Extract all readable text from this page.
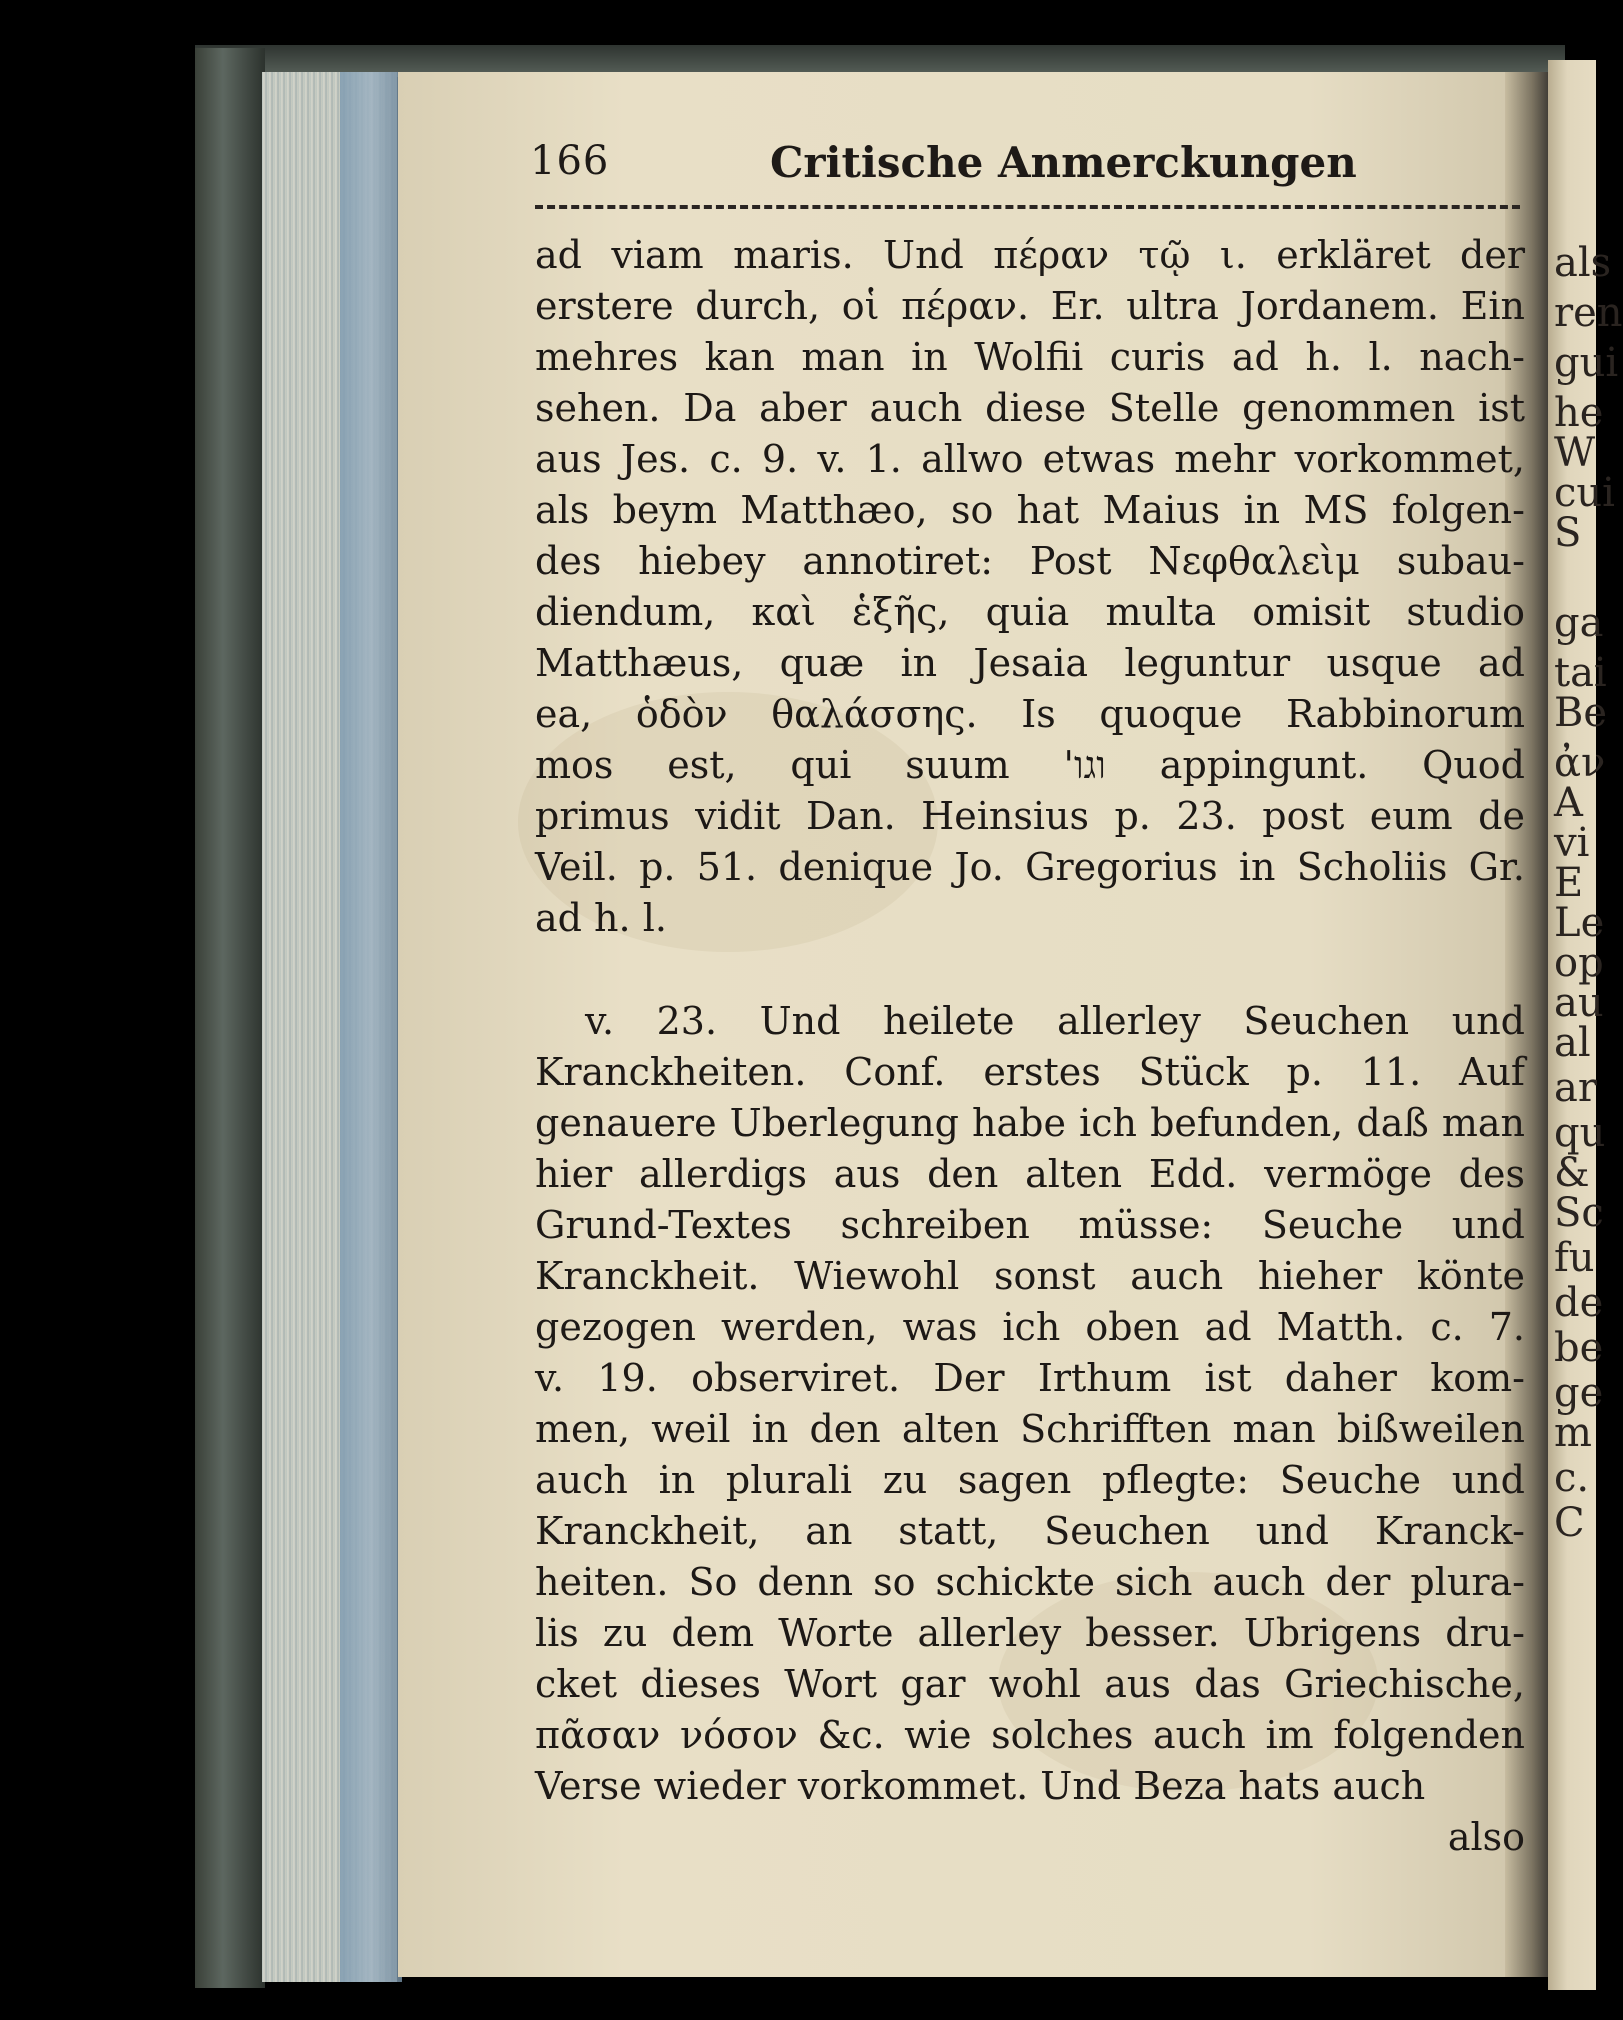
als
ren
gui
he
W
cui
S
ga
tai
Be
ἀν
A
vi
E
Le
op
au
al
ar
qu
&
Sc
fu
de
be
ge
m
c.
C
166	Critische Anmerckungen
ad viam maris. Und πέραν τῷ ι. erkläret der
erstere durch, οἱ πέραν. Er. ultra Jordanem. Ein
mehres kan man in Wolfii curis ad h. l. nach-
sehen. Da aber auch diese Stelle genommen ist
aus Jes. c. 9. v. 1. allwo etwas mehr vorkommet,
als beym Matthæo, so hat Maius in MS folgen-
des hiebey annotiret: Post Νεφθαλεὶμ subau-
diendum, καὶ ἑξῆς, quia multa omisit studio
Matthæus, quæ in Jesaia leguntur usque ad
ea, ὁδὸν θαλάσσης. Is quoque Rabbinorum
mos est, qui suum 'וגו appingunt. Quod
primus vidit Dan. Heinsius p. 23. post eum de
Veil. p. 51. denique Jo. Gregorius in Scholiis Gr.
ad h. l.
v. 23. Und heilete allerley Seuchen und
Kranckheiten. Conf. erstes Stück p. 11. Auf
genauere Uberlegung habe ich befunden, daß man
hier allerdigs aus den alten Edd. vermöge des
Grund-Textes schreiben müsse: Seuche und
Kranckheit. Wiewohl sonst auch hieher könte
gezogen werden, was ich oben ad Matth. c. 7.
v. 19. observiret. Der Irthum ist daher kom-
men, weil in den alten Schrifften man bißweilen
auch in plurali zu sagen pflegte: Seuche und
Kranckheit, an statt, Seuchen und Kranck-
heiten. So denn so schickte sich auch der plura-
lis zu dem Worte allerley besser. Ubrigens dru-
cket dieses Wort gar wohl aus das Griechische,
πᾶσαν νόσον &c. wie solches auch im folgenden
Verse wieder vorkommet. Und Beza hats auch
also
